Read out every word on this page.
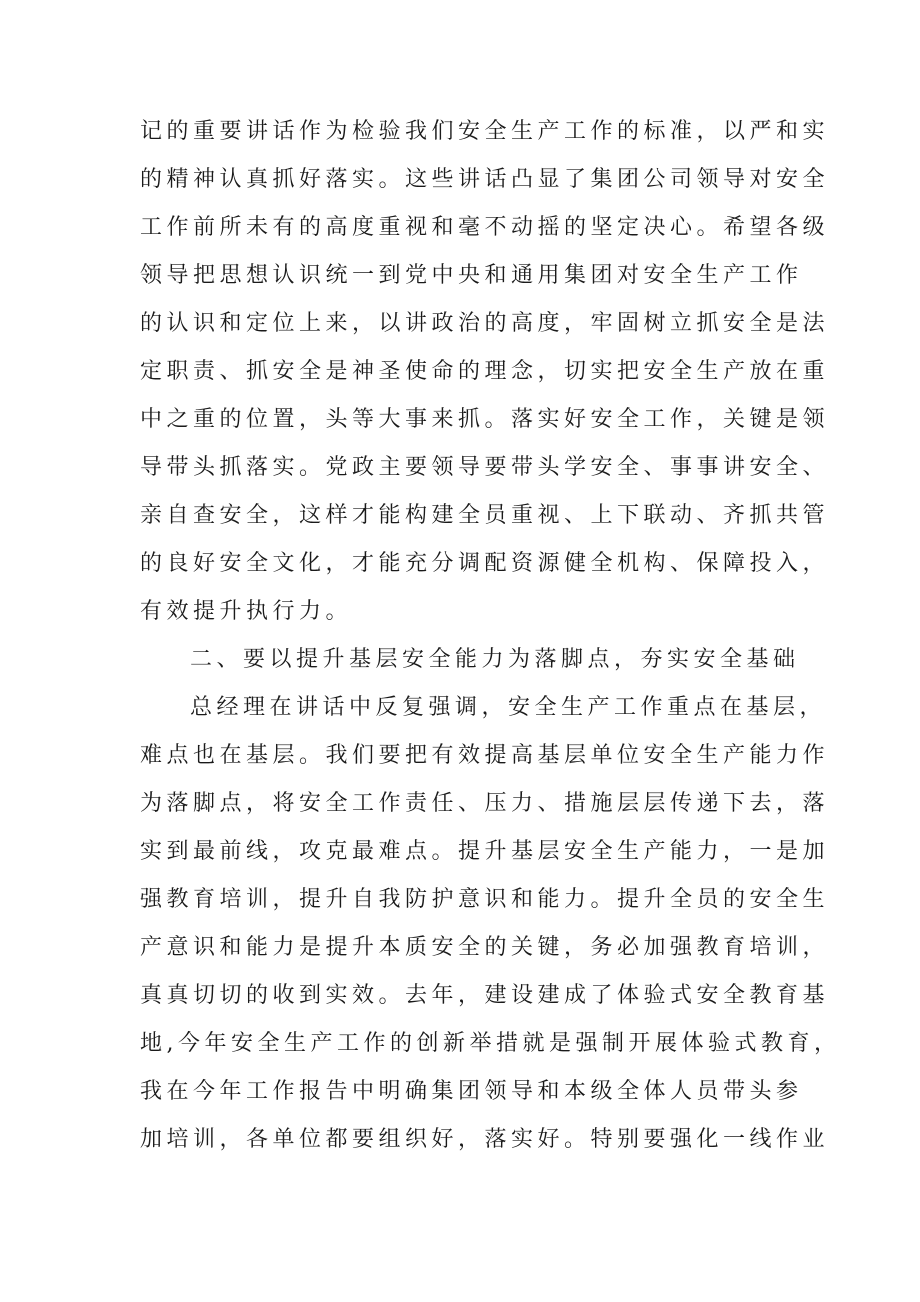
记的重要讲话作为检验我们安全生产工作的标准，以严和实
的精神认真抓好落实。这些讲话凸显了集团公司领导对安全
工作前所未有的高度重视和毫不动摇的坚定决心。希望各级
领导把思想认识统一到党中央和通用集团对安全生产工作
的认识和定位上来，以讲政治的高度，牢固树立抓安全是法
定职责、抓安全是神圣使命的理念，切实把安全生产放在重
中之重的位置，头等大事来抓。落实好安全工作，关键是领
导带头抓落实。党政主要领导要带头学安全、事事讲安全、
亲自查安全，这样才能构建全员重视、上下联动、齐抓共管
的良好安全文化，才能充分调配资源健全机构、保障投入，
有效提升执行力。
二、要以提升基层安全能力为落脚点，夯实安全基础
总经理在讲话中反复强调，安全生产工作重点在基层，
难点也在基层。我们要把有效提高基层单位安全生产能力作
为落脚点，将安全工作责任、压力、措施层层传递下去，落
实到最前线，攻克最难点。提升基层安全生产能力，一是加
强教育培训，提升自我防护意识和能力。提升全员的安全生
产意识和能力是提升本质安全的关键，务必加强教育培训，
真真切切的收到实效。去年，建设建成了体验式安全教育基
地,今年安全生产工作的创新举措就是强制开展体验式教育，
我在今年工作报告中明确集团领导和本级全体人员带头参
加培训，各单位都要组织好，落实好。特别要强化一线作业
